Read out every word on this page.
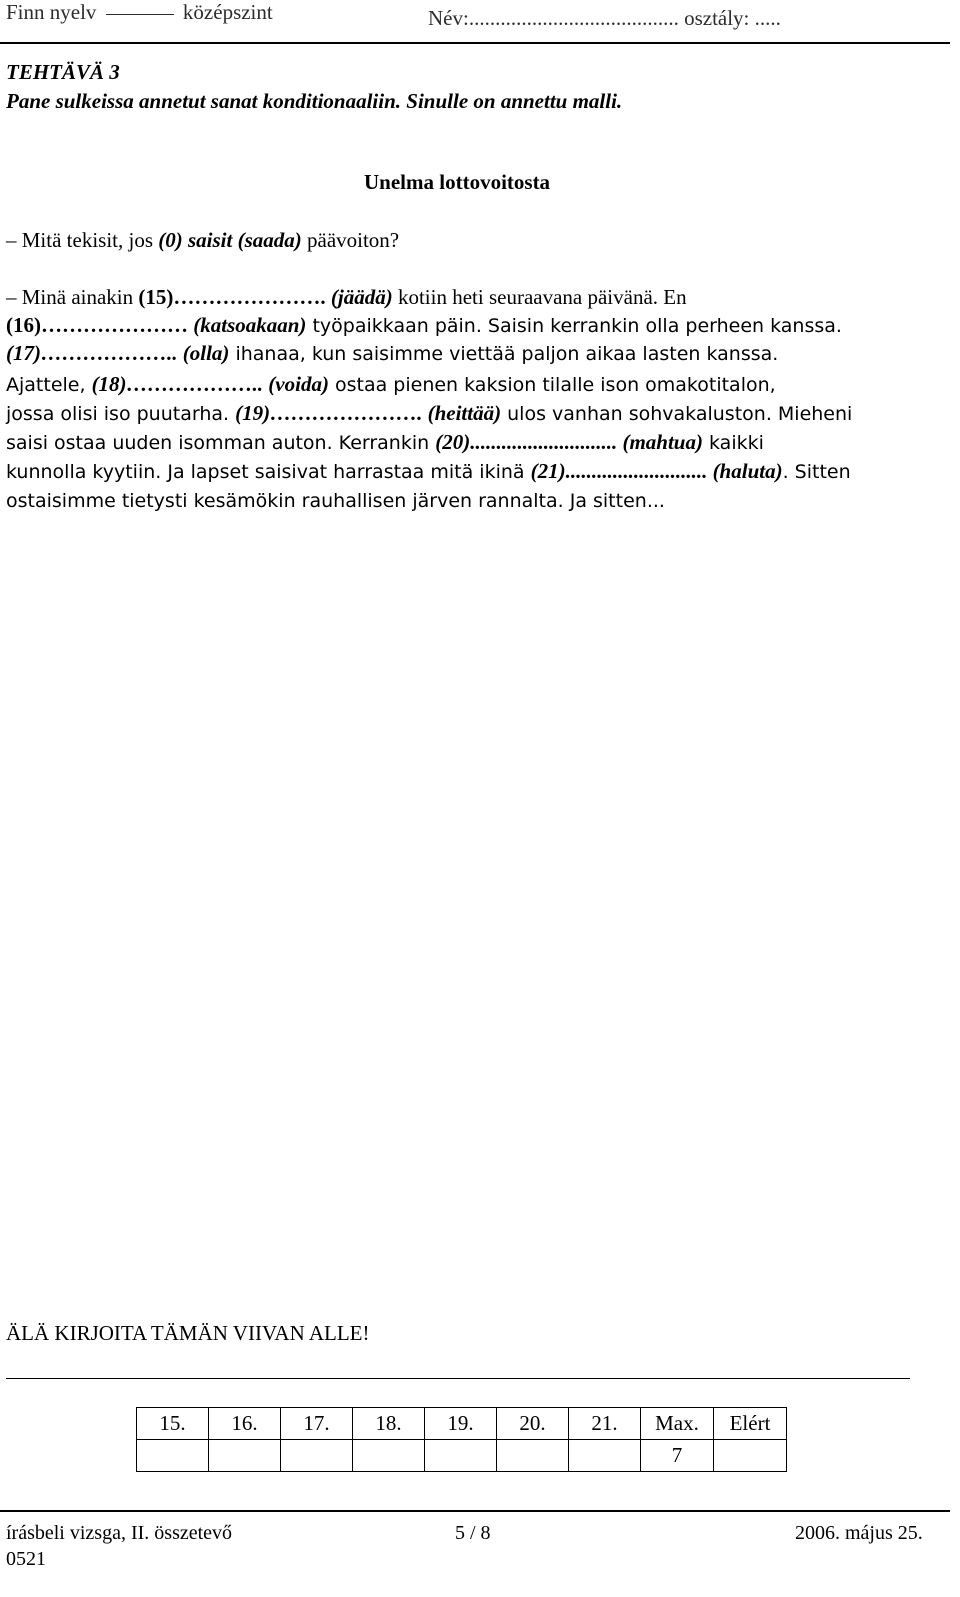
Finn nyelv	középszint	Név:........................................ osztály: .....
TEHTÄVÄ 3
Pane sulkeissa annetut sanat konditionaaliin. Sinulle on annettu malli.
Unelma lottovoitosta
– Mitä tekisit, jos (0) saisit (saada) päävoiton?
– Minä ainakin (15)…………………. (jäädä) kotiin heti seuraavana päivänä. En
(16)………………… (katsoakaan) työpaikkaan päin. Saisin kerrankin olla perheen kanssa.
(17)……………….. (olla) ihanaa, kun saisimme viettää paljon aikaa lasten kanssa.
Ajattele, (18)……………….. (voida) ostaa pienen kaksion tilalle ison omakotitalon,
jossa olisi iso puutarha. (19)…………………. (heittää) ulos vanhan sohvakaluston. Mieheni
saisi ostaa uuden isomman auton. Kerrankin (20)............................ (mahtua) kaikki
kunnolla kyytiin. Ja lapset saisivat harrastaa mitä ikinä (21)........................... (haluta). Sitten
ostaisimme tietysti kesämökin rauhallisen järven rannalta. Ja sitten...
ÄLÄ KIRJOITA TÄMÄN VIIVAN ALLE!
15.	16.	17.	18.	19.	20.	21.	Max.	Elért
							7	
írásbeli vizsga, II. összetevő
0521
5 / 8	2006. május 25.
